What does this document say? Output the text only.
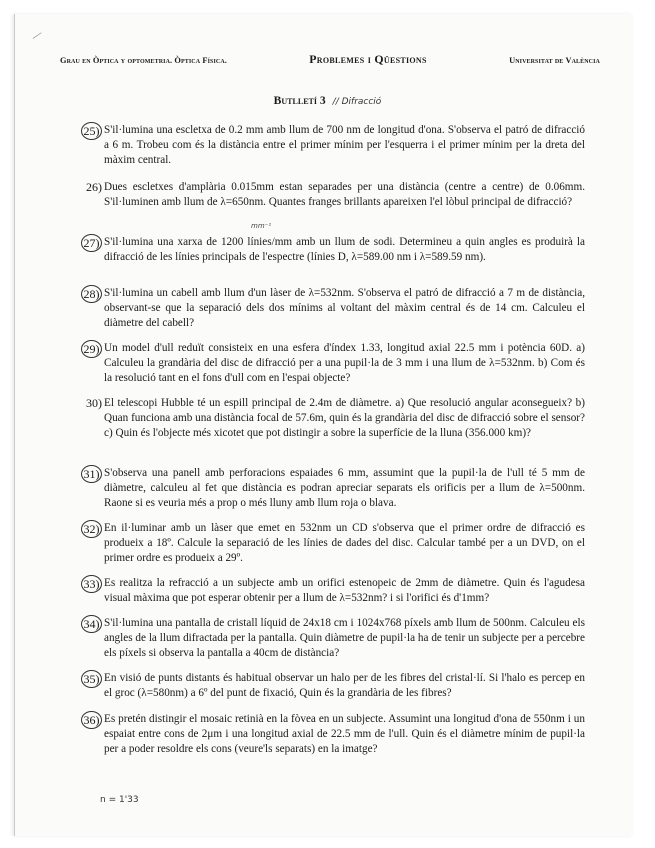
—
Grau en Òptica y optometria. Òptica Física.	Problemes i Qüestions	Universitat de València
Butlletí 3 // Difracció
25) S'il·lumina una escletxa de 0.2 mm amb llum de 700 nm de longitud d'ona. S'observa el patró de difracció a 6 m. Trobeu com és la distància entre el primer mínim per l'esquerra i el primer mínim per la dreta del màxim central.
26) Dues escletxes d'amplària 0.015mm estan separades per una distància (centre a centre) de 0.06mm. S'il·luminen amb llum de λ=650nm. Quantes franges brillants apareixen l'el lòbul principal de difracció?
27) S'il·lumina una xarxa de 1200 línies/mm amb un llum de sodi. Determineu a quin angles es produirà la difracció de les línies principals de l'espectre (línies D, λ=589.00 nm i λ=589.59 nm).
28) S'il·lumina un cabell amb llum d'un làser de λ=532nm. S'observa el patró de difracció a 7 m de distància, observant-se que la separació dels dos mínims al voltant del màxim central és de 14 cm. Calculeu el diàmetre del cabell?
29) Un model d'ull reduït consisteix en una esfera d'índex 1.33, longitud axial 22.5 mm i potència 60D. a) Calculeu la grandària del disc de difracció per a una pupil·la de 3 mm i una llum de λ=532nm. b) Com és la resolució tant en el fons d'ull com en l'espai objecte?
30) El telescopi Hubble té un espill principal de 2.4m de diàmetre. a) Que resolució angular aconseguеix? b) Quan funciona amb una distància focal de 57.6m, quin és la grandària del disc de difracció sobre el sensor? c) Quin és l'objecte més xicotet que pot distingir a sobre la superfície de la lluna (356.000 km)?
31) S'observa una panell amb perforacions espaiades 6 mm, assumint que la pupil·la de l'ull té 5 mm de diàmetre, calculeu al fet que distància es podran apreciar separats els orificis per a llum de λ=500nm. Raone si es veuria més a prop o més lluny amb llum roja o blava.
32) En il·luminar amb un làser que emet en 532nm un CD s'observa que el primer ordre de difracció es produeix a 18º. Calcule la separació de les línies de dades del disc. Calcular també per a un DVD, on el primer ordre es produeix a 29º.
33) Es realitza la refracció a un subjecte amb un orifici estenopeic de 2mm de diàmetre. Quin és l'agudesa visual màxima que pot esperar obtenir per a llum de λ=532nm? i si l'orifici és d'1mm?
34) S'il·lumina una pantalla de cristall líquid de 24x18 cm i 1024x768 píxels amb llum de 500nm. Calculeu els angles de la llum difractada per la pantalla. Quin diàmetre de pupil·la ha de tenir un subjecte per a percebre els píxels si observa la pantalla a 40cm de distància?
35) En visió de punts distants és habitual observar un halo per de les fibres del cristal·lí. Si l'halo es percep en el groc (λ=580nm) a 6º del punt de fixació, Quin és la grandària de les fibres?
36) Es pretén distingir el mosaic retinià en la fòvea en un subjecte. Assumint una longitud d'ona de 550nm i un espaiat entre cons de 2μm i una longitud axial de 22.5 mm de l'ull. Quin és el diàmetre mínim de pupil·la per a poder resoldre els cons (veure'ls separats) en la imatge?
mm⁻¹
n = 1'33
